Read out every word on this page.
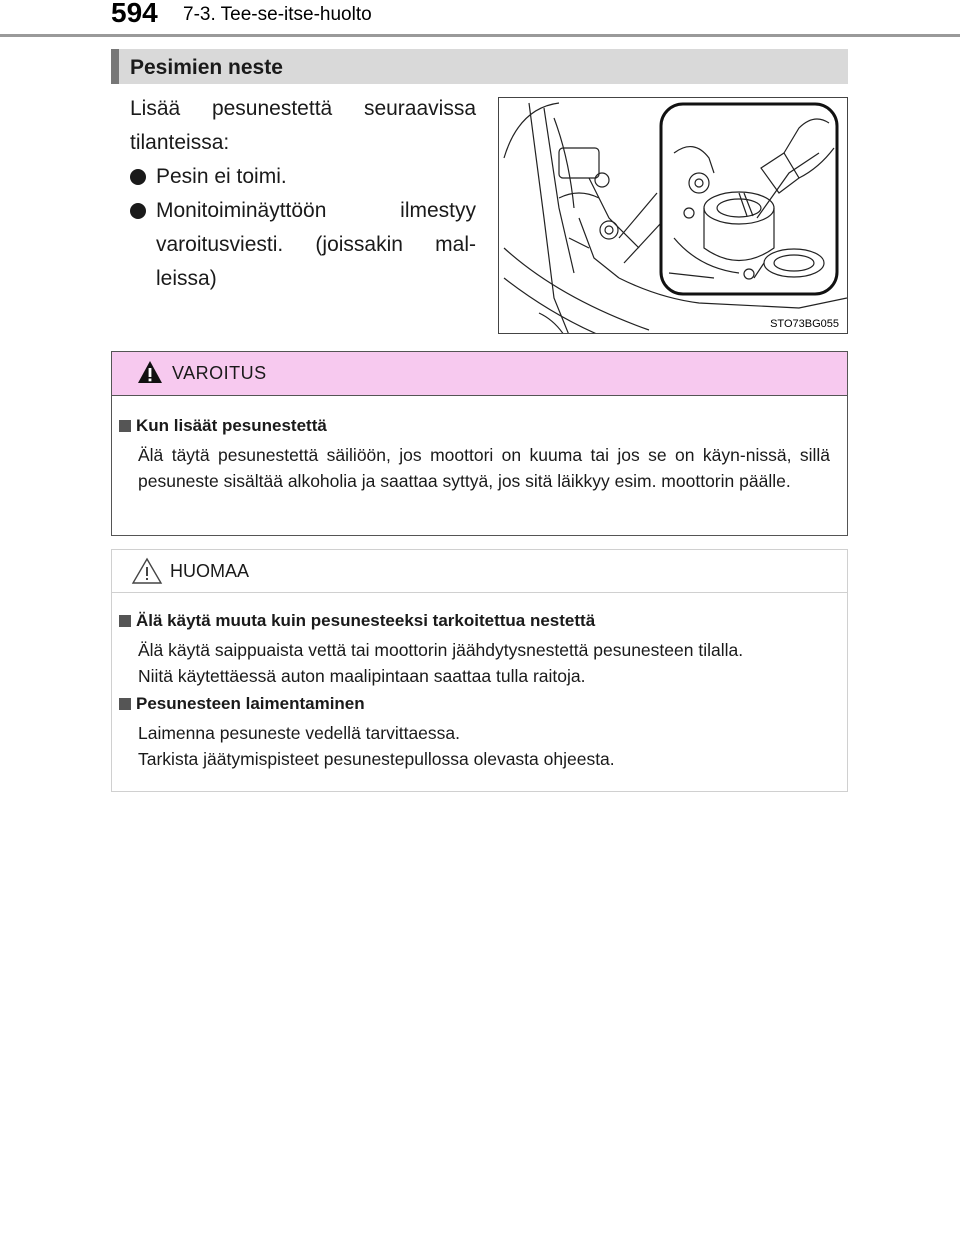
594 7-3. Tee-se-itse-huolto
Pesimien neste

Lisää pesunestettä seuraavissa tilanteissa:

Pesin ei toimi.
Monitoiminäyttöön ilmestyy varoitusviesti. (joissakin mal-leissa)
STO73BG055
VAROITUS
Kun lisäät pesunestettä
Älä täytä pesunestettä säiliöön, jos moottori on kuuma tai jos se on käyn-nissä, sillä pesuneste sisältää alkoholia ja saattaa syttyä, jos sitä läikkyy esim. moottorin päälle.
HUOMAA
Älä käytä muuta kuin pesunesteeksi tarkoitettua nestettä
Älä käytä saippuaista vettä tai moottorin jäähdytysnestettä pesunesteen tilalla.
Niitä käytettäessä auton maalipintaan saattaa tulla raitoja.
Pesunesteen laimentaminen
Laimenna pesuneste vedellä tarvittaessa.
Tarkista jäätymispisteet pesunestepullossa olevasta ohjeesta.
